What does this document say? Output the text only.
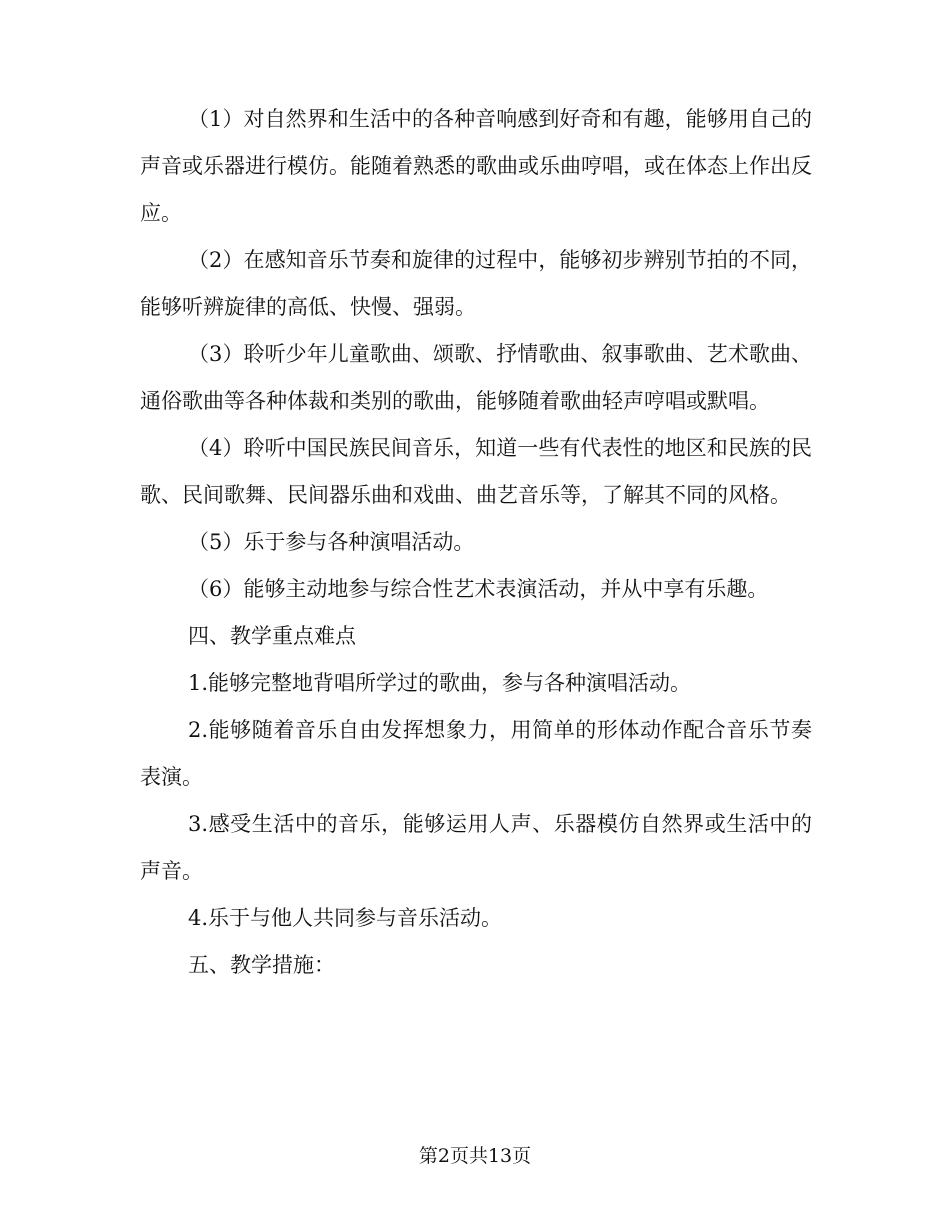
（1）对自然界和生活中的各种音响感到好奇和有趣，能够用自己的声音或乐器进行模仿。能随着熟悉的歌曲或乐曲哼唱，或在体态上作出反应。

（2）在感知音乐节奏和旋律的过程中，能够初步辨别节拍的不同，能够听辨旋律的高低、快慢、强弱。

（3）聆听少年儿童歌曲、颂歌、抒情歌曲、叙事歌曲、艺术歌曲、通俗歌曲等各种体裁和类别的歌曲，能够随着歌曲轻声哼唱或默唱。

（4）聆听中国民族民间音乐，知道一些有代表性的地区和民族的民歌、民间歌舞、民间器乐曲和戏曲、曲艺音乐等，了解其不同的风格。

（5）乐于参与各种演唱活动。

（6）能够主动地参与综合性艺术表演活动，并从中享有乐趣。

四、教学重点难点

1.能够完整地背唱所学过的歌曲，参与各种演唱活动。

2.能够随着音乐自由发挥想象力，用简单的形体动作配合音乐节奏表演。

3.感受生活中的音乐，能够运用人声、乐器模仿自然界或生活中的声音。

4.乐于与他人共同参与音乐活动。

五、教学措施：

第2页共13页
